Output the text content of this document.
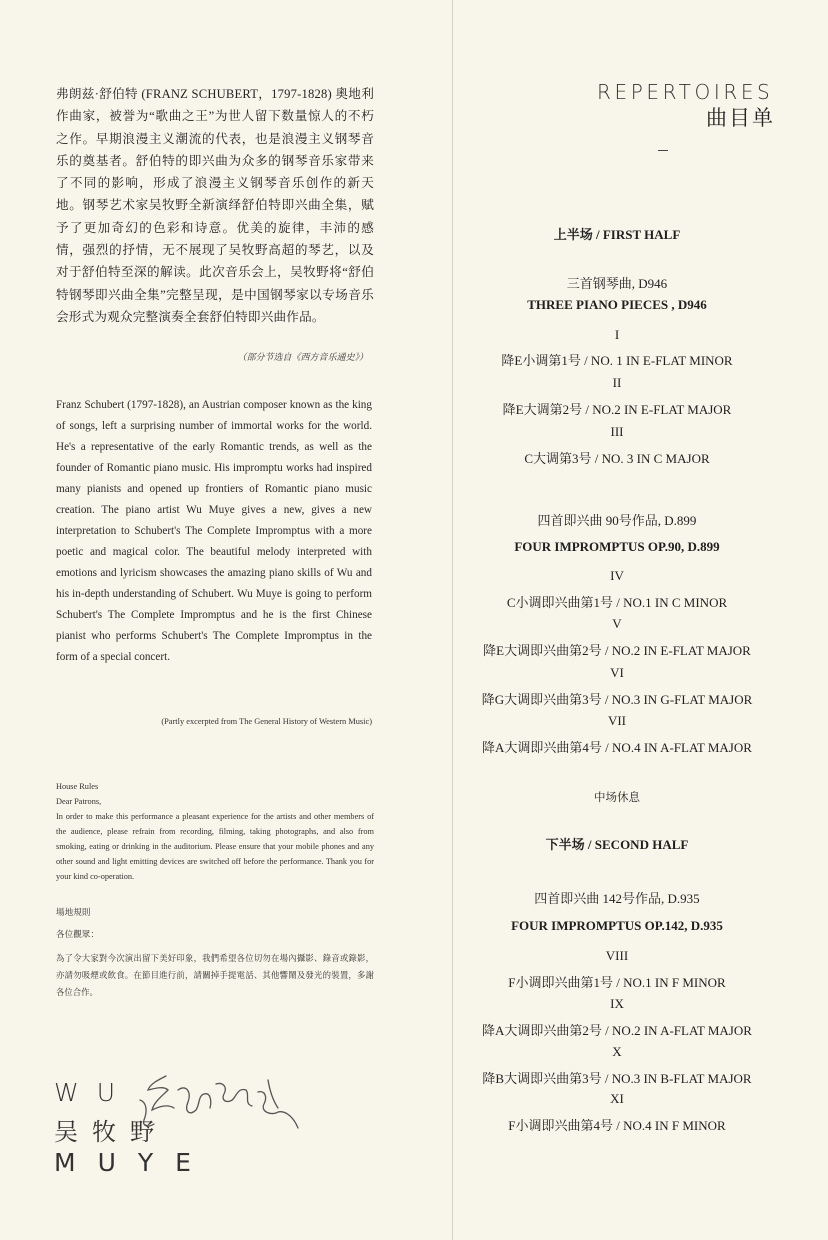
弗朗兹·舒伯特 (FRANZ SCHUBERT，1797-1828) 奧地利作曲家，被誉为“歌曲之王”为世人留下数量惊人的不朽之作。早期浪漫主义潮流的代表，也是浪漫主义钢琴音乐的奠基者。舒伯特的即兴曲为众多的钢琴音乐家带来了不同的影响，形成了浪漫主义钢琴音乐创作的新天地。钢琴艺术家吴牧野全新演绎舒伯特即兴曲全集，赋予了更加奇幻的色彩和诗意。优美的旋律，丰沛的感情，强烈的抒情，无不展现了吴牧野高超的琴艺，以及对于舒伯特至深的解读。此次音乐会上，吴牧野将“舒伯特钢琴即兴曲全集”完整呈现，是中国钢琴家以专场音乐会形式为观众完整演奏全套舒伯特即兴曲作品。

（部分节选自《西方音乐通史》）

Franz Schubert (1797-1828), an Austrian composer known as the king of songs, left a surprising number of immortal works for the world. He's a representative of the early Romantic trends, as well as the founder of Romantic piano music. His impromptu works had inspired many pianists and opened up frontiers of Romantic piano music creation. The piano artist Wu Muye gives a new, gives a new interpretation to Schubert's The Complete Impromptus with a more poetic and magical color. The beautiful melody interpreted with emotions and lyricism showcases the amazing piano skills of Wu and his in-depth understanding of Schubert. Wu Muye is going to perform Schubert's The Complete Impromptus and he is the first Chinese pianist who performs Schubert's The Complete Impromptus in the form of a special concert.

(Partly excerpted from The General History of Western Music)

House Rules

Dear Patrons,

In order to make this performance a pleasant experience for the artists and other members of the audience, please refrain from recording, filming, taking photographs, and also from smoking, eating or drinking in the auditorium. Please ensure that your mobile phones and any other sound and light emitting devices are switched off before the performance. Thank you for your kind co-operation.

場地規則
各位觀眾：
為了令大家對今次演出留下美好印象，我們希望各位切勿在場內攝影、錄音或錄影，亦請勿吸煙或飲食。在節目進行前，請關掉手提電話、其他響鬧及發光的裝置，多謝各位合作。
WU
吴牧野
MUYE
REPERTOIRES
曲目单
上半场 / FIRST HALF
三首钢琴曲, D946
THREE PIANO PIECES , D946
I
降E小调第1号 / NO. 1 IN E-FLAT MINOR
II
降E大调第2号 / NO.2 IN E-FLAT MAJOR
III
C大调第3号 / NO. 3 IN C MAJOR
四首即兴曲 90号作品, D.899
FOUR IMPROMPTUS OP.90, D.899
IV
C小调即兴曲第1号 / NO.1 IN C MINOR
V
降E大调即兴曲第2号 / NO.2 IN E-FLAT MAJOR
VI
降G大调即兴曲第3号 / NO.3 IN G-FLAT MAJOR
VII
降A大调即兴曲第4号 / NO.4 IN A-FLAT MAJOR
中场休息
下半场 / SECOND HALF
四首即兴曲 142号作品, D.935
FOUR IMPROMPTUS OP.142, D.935
VIII
F小调即兴曲第1号 / NO.1 IN F MINOR
IX
降A大调即兴曲第2号 / NO.2 IN A-FLAT MAJOR
X
降B大调即兴曲第3号 / NO.3 IN B-FLAT MAJOR
XI
F小调即兴曲第4号 / NO.4 IN F MINOR
